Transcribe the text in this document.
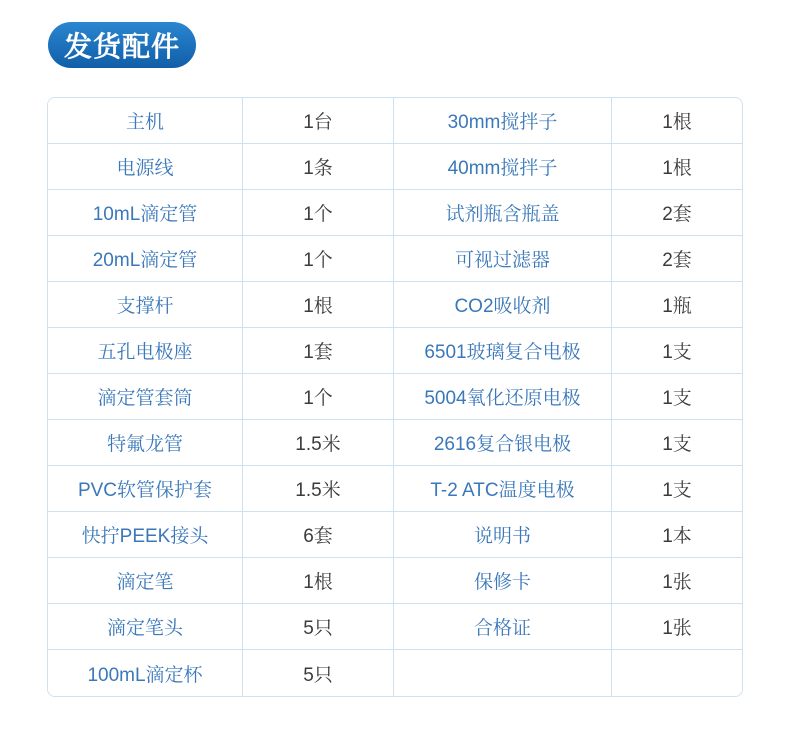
发货配件
主机	1台	30mm搅拌子	1根
电源线	1条	40mm搅拌子	1根
10mL滴定管	1个	试剂瓶含瓶盖	2套
20mL滴定管	1个	可视过滤器	2套
支撑杆	1根	CO2吸收剂	1瓶
五孔电极座	1套	6501玻璃复合电极	1支
滴定管套筒	1个	5004氧化还原电极	1支
特氟龙管	1.5米	2616复合银电极	1支
PVC软管保护套	1.5米	T-2 ATC温度电极	1支
快拧PEEK接头	6套	说明书	1本
滴定笔	1根	保修卡	1张
滴定笔头	5只	合格证	1张
100mL滴定杯	5只
